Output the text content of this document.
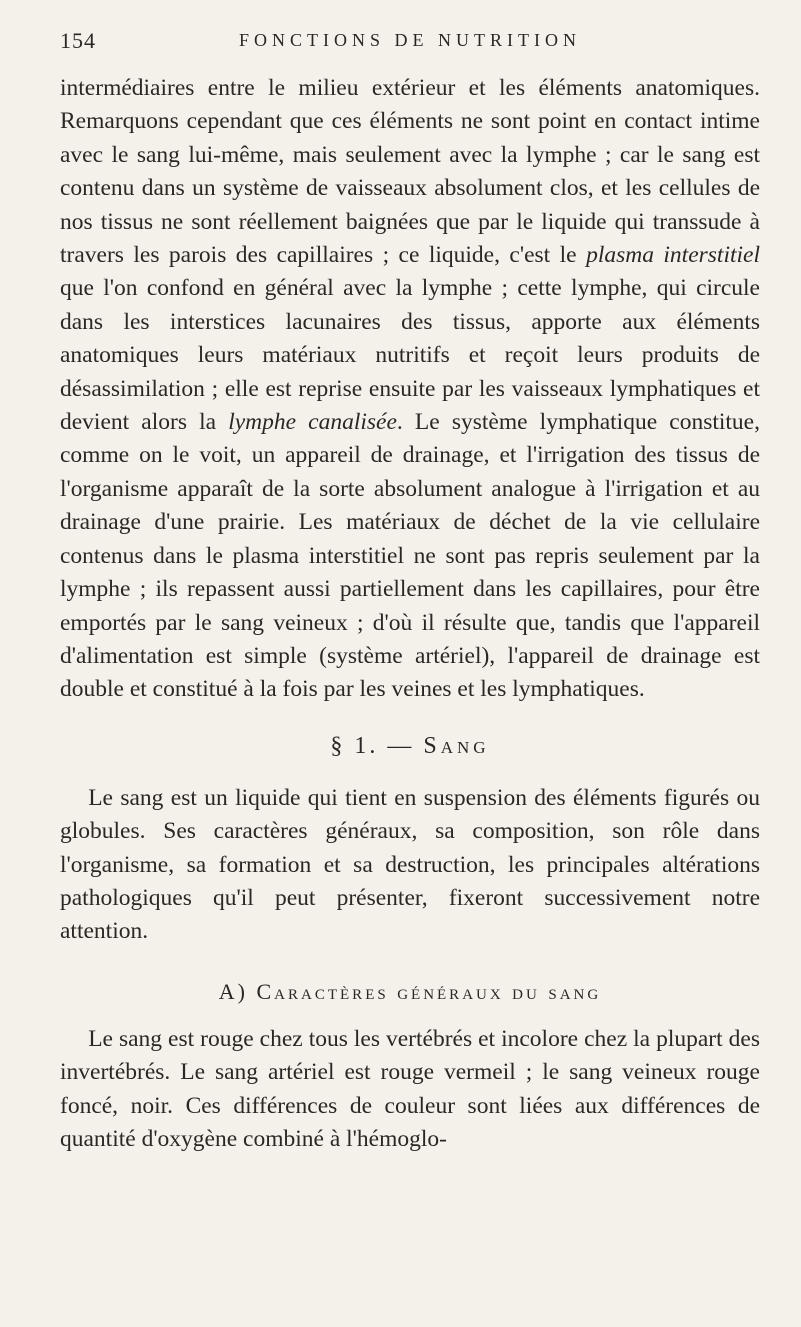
154	FONCTIONS DE NUTRITION

intermédiaires entre le milieu extérieur et les éléments anatomiques. Remarquons cependant que ces éléments ne sont point en contact intime avec le sang lui-même, mais seulement avec la lymphe ; car le sang est contenu dans un système de vaisseaux absolument clos, et les cellules de nos tissus ne sont réellement baignées que par le liquide qui transsude à travers les parois des capillaires ; ce liquide, c'est le plasma interstitiel que l'on confond en général avec la lymphe ; cette lymphe, qui circule dans les interstices lacunaires des tissus, apporte aux éléments anatomiques leurs matériaux nutritifs et reçoit leurs produits de désassimilation ; elle est reprise ensuite par les vaisseaux lymphatiques et devient alors la lymphe canalisée. Le système lymphatique constitue, comme on le voit, un appareil de drainage, et l'irrigation des tissus de l'organisme apparaît de la sorte absolument analogue à l'irrigation et au drainage d'une prairie. Les matériaux de déchet de la vie cellulaire contenus dans le plasma interstitiel ne sont pas repris seulement par la lymphe ; ils repassent aussi partiellement dans les capillaires, pour être emportés par le sang veineux ; d'où il résulte que, tandis que l'appareil d'alimentation est simple (système artériel), l'appareil de drainage est double et constitué à la fois par les veines et les lymphatiques.

§ 1. — Sang

Le sang est un liquide qui tient en suspension des éléments figurés ou globules. Ses caractères généraux, sa composition, son rôle dans l'organisme, sa formation et sa destruction, les principales altérations pathologiques qu'il peut présenter, fixeront successivement notre attention.

A) Caractères généraux du sang

Le sang est rouge chez tous les vertébrés et incolore chez la plupart des invertébrés. Le sang artériel est rouge vermeil ; le sang veineux rouge foncé, noir. Ces différences de couleur sont liées aux différences de quantité d'oxygène combiné à l'hémoglo-
